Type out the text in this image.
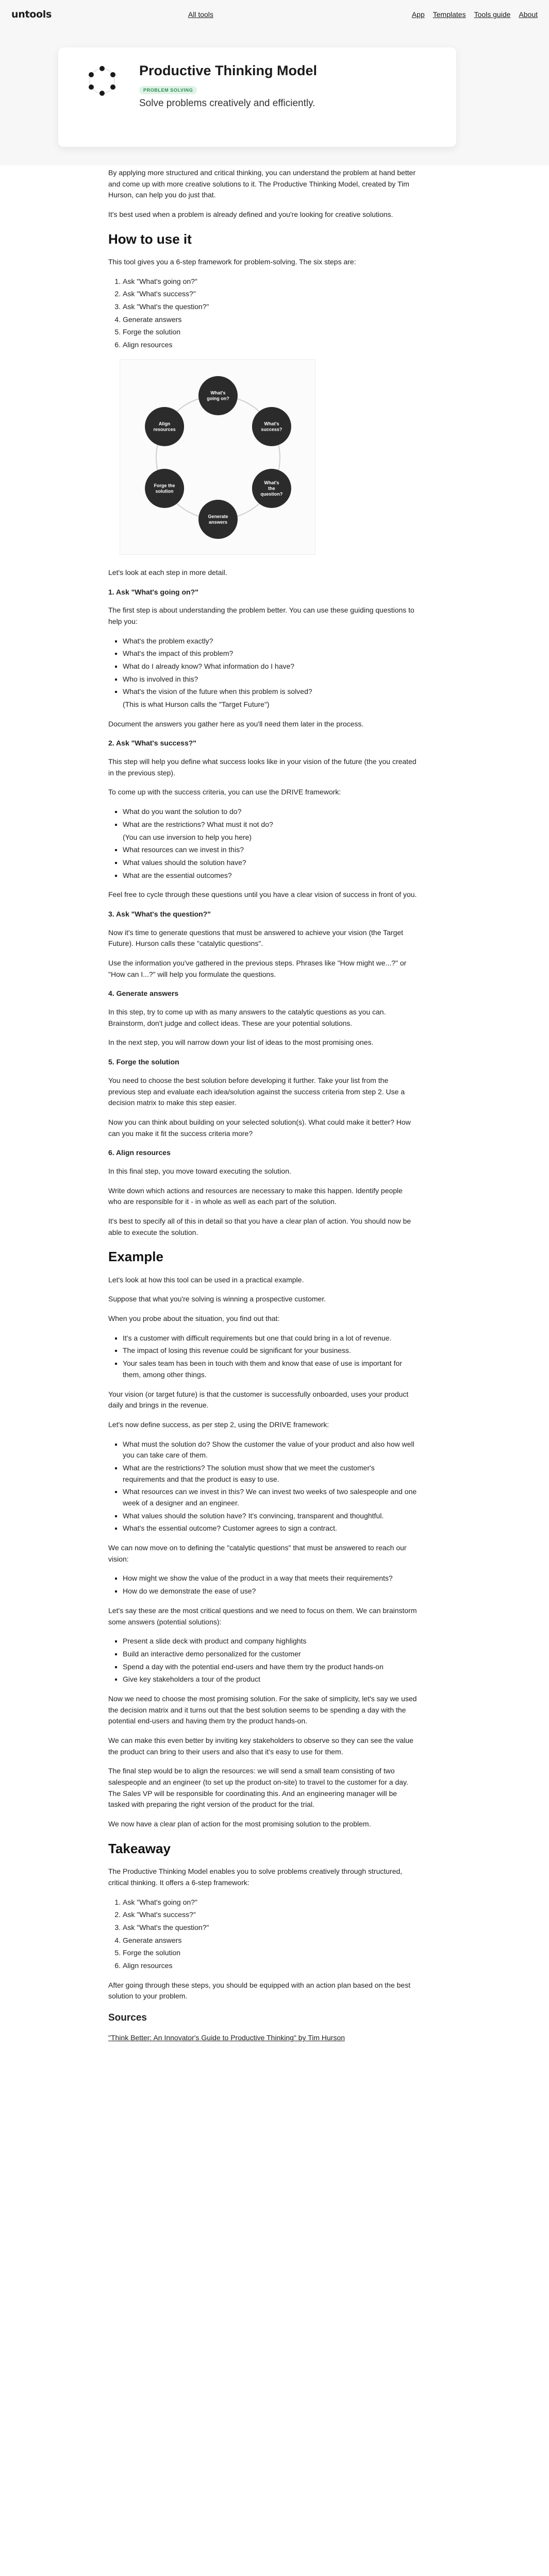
untools	All tools	App Templates Tools guide About
Productive Thinking Model
PROBLEM SOLVING
Solve problems creatively and efficiently.

By applying more structured and critical thinking, you can understand the problem at hand better and come up with more creative solutions to it. The Productive Thinking Model, created by Tim Hurson, can help you do just that.

It's best used when a problem is already defined and you're looking for creative solutions.

How to use it

This tool gives you a 6-step framework for problem-solving. The six steps are:

1. Ask "What's going on?"
2. Ask "What's success?"
3. Ask "What's the question?"
4. Generate answers
5. Forge the solution
6. Align resources
What's going on?
What's success?
What's the question?
Generate answers
Forge the solution
Align resources

Let's look at each step in more detail.

1. Ask "What's going on?"

The first step is about understanding the problem better. You can use these guiding questions to help you:

▪ What's the problem exactly?
▪ What's the impact of this problem?
▪ What do I already know? What information do I have?
▪ Who is involved in this?
▪ What's the vision of the future when this problem is solved?

(This is what Hurson calls the "Target Future")

Document the answers you gather here as you'll need them later in the process.

2. Ask "What's success?"

This step will help you define what success looks like in your vision of the future (the you created in the previous step).

To come up with the success criteria, you can use the DRIVE framework:

▪ What do you want the solution to do?
▪ What are the restrictions? What must it not do?

(You can use inversion to help you here)

▪ What resources can we invest in this?
▪ What values should the solution have?
▪ What are the essential outcomes?

Feel free to cycle through these questions until you have a clear vision of success in front of you.

3. Ask "What's the question?"

Now it's time to generate questions that must be answered to achieve your vision (the Target Future). Hurson calls these "catalytic questions".

Use the information you've gathered in the previous steps. Phrases like "How might we...?" or "How can I...?" will help you formulate the questions.

4. Generate answers

In this step, try to come up with as many answers to the catalytic questions as you can. Brainstorm, don't judge and collect ideas. These are your potential solutions.

In the next step, you will narrow down your list of ideas to the most promising ones.

5. Forge the solution

You need to choose the best solution before developing it further. Take your list from the previous step and evaluate each idea/solution against the success criteria from step 2. Use a decision matrix to make this step easier.

Now you can think about building on your selected solution(s). What could make it better? How can you make it fit the success criteria more?

6. Align resources

In this final step, you move toward executing the solution.

Write down which actions and resources are necessary to make this happen. Identify people who are responsible for it - in whole as well as each part of the solution.

It's best to specify all of this in detail so that you have a clear plan of action. You should now be able to execute the solution.

Example

Let's look at how this tool can be used in a practical example.

Suppose that what you're solving is winning a prospective customer.

When you probe about the situation, you find out that:

▪ It's a customer with difficult requirements but one that could bring in a lot of revenue.
▪ The impact of losing this revenue could be significant for your business.
▪ Your sales team has been in touch with them and know that ease of use is important for them, among other things.

Your vision (or target future) is that the customer is successfully onboarded, uses your product daily and brings in the revenue.

Let's now define success, as per step 2, using the DRIVE framework:

▪ What must the solution do? Show the customer the value of your product and also how well you can take care of them.
▪ What are the restrictions? The solution must show that we meet the customer's requirements and that the product is easy to use.
▪ What resources can we invest in this? We can invest two weeks of two salespeople and one week of a designer and an engineer.
▪ What values should the solution have? It's convincing, transparent and thoughtful.
▪ What's the essential outcome? Customer agrees to sign a contract.

We can now move on to defining the "catalytic questions" that must be answered to reach our vision:

▪ How might we show the value of the product in a way that meets their requirements?
▪ How do we demonstrate the ease of use?

Let's say these are the most critical questions and we need to focus on them. We can brainstorm some answers (potential solutions):

▪ Present a slide deck with product and company highlights
▪ Build an interactive demo personalized for the customer
▪ Spend a day with the potential end-users and have them try the product hands-on
▪ Give key stakeholders a tour of the product

Now we need to choose the most promising solution. For the sake of simplicity, let's say we used the decision matrix and it turns out that the best solution seems to be spending a day with the potential end-users and having them try the product hands-on.

We can make this even better by inviting key stakeholders to observe so they can see the value the product can bring to their users and also that it's easy to use for them.

The final step would be to align the resources: we will send a small team consisting of two salespeople and an engineer (to set up the product on-site) to travel to the customer for a day. The Sales VP will be responsible for coordinating this. And an engineering manager will be tasked with preparing the right version of the product for the trial.

We now have a clear plan of action for the most promising solution to the problem.

Takeaway

The Productive Thinking Model enables you to solve problems creatively through structured, critical thinking. It offers a 6-step framework:

1. Ask "What's going on?"
2. Ask "What's success?"
3. Ask "What's the question?"
4. Generate answers
5. Forge the solution
6. Align resources

After going through these steps, you should be equipped with an action plan based on the best solution to your problem.

Sources

"Think Better: An Innovator's Guide to Productive Thinking" by Tim Hurson
